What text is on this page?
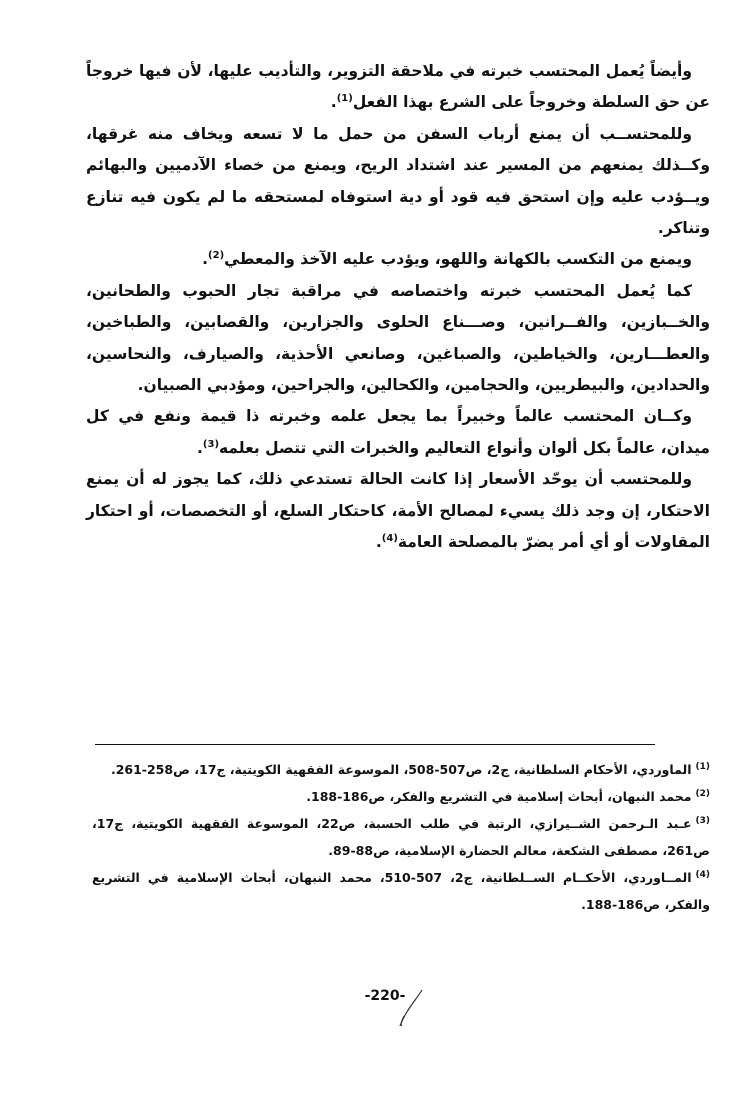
وأيضاً يُعمل المحتسب خبرته في ملاحقة التزوير، والتأديب عليها، لأن فيها خروجاً عن حق السلطة وخروجاً على الشرع بهذا الفعل$^{(1)}$.

وللمحتســب أن يمنع أرباب السفن من حمل ما لا تسعه ويخاف منه غرقها، وكــذلك يمنعهم من المسير عند اشتداد الريح، ويمنع من خصاء الآدميين والبهائم ويــؤدب عليه وإن استحق فيه قود أو دية استوفاه لمستحقه ما لم يكون فيه تنازع وتناكر.

ويمنع من التكسب بالكهانة واللهو، ويؤدب عليه الآخذ والمعطي$^{(2)}$.

كما يُعمل المحتسب خبرته واختصاصه في مراقبة تجار الحبوب والطحانين، والخــبازين، والفــرانين، وصـــناع الحلوى والجزارين، والقصابين، والطباخين، والعطـــارين، والخياطين، والصباغين، وصانعي الأحذية، والصيارف، والنحاسين، والحدادين، والبيطريين، والحجامين، والكحالين، والجراحين، ومؤدبي الصبيان.

وكــان المحتسب عالماً وخبيراً بما يجعل علمه وخبرته ذا قيمة ونفع في كل ميدان، عالماً بكل ألوان وأنواع التعاليم والخبرات التي تتصل بعلمه$^{(3)}$.

وللمحتسب أن يوحّد الأسعار إذا كانت الحالة تستدعي ذلك، كما يجوز له أن يمنع الاحتكار، إن وجد ذلك يسيء لمصالح الأمة، كاحتكار السلع، أو التخصصات، أو احتكار المقاولات أو أي أمر يضرّ بالمصلحة العامة$^{(4)}$.

$^{(1)}$الماوردي، الأحكام السلطانية، ج2، ص507-508، الموسوعة الفقهية الكويتية، ج17، ص258-261.

$^{(2)}$محمد النبهان، أبحاث إسلامية في التشريع والفكر، ص186-188.

$^{(3)}$عـبد الـرحمن الشــيرازي، الرتبة في طلب الحسبة، ص22، الموسوعة الفقهية الكويتية، ج17، ص261، مصطفى الشكعة، معالم الحضارة الإسلامية، ص88-89.

$^{(4)}$المــاوردي، الأحكــام الســلطانية، ج2، 507-510، محمد النبهان، أبحاث الإسلامية في التشريع والفكر، ص186-188.

-220-
